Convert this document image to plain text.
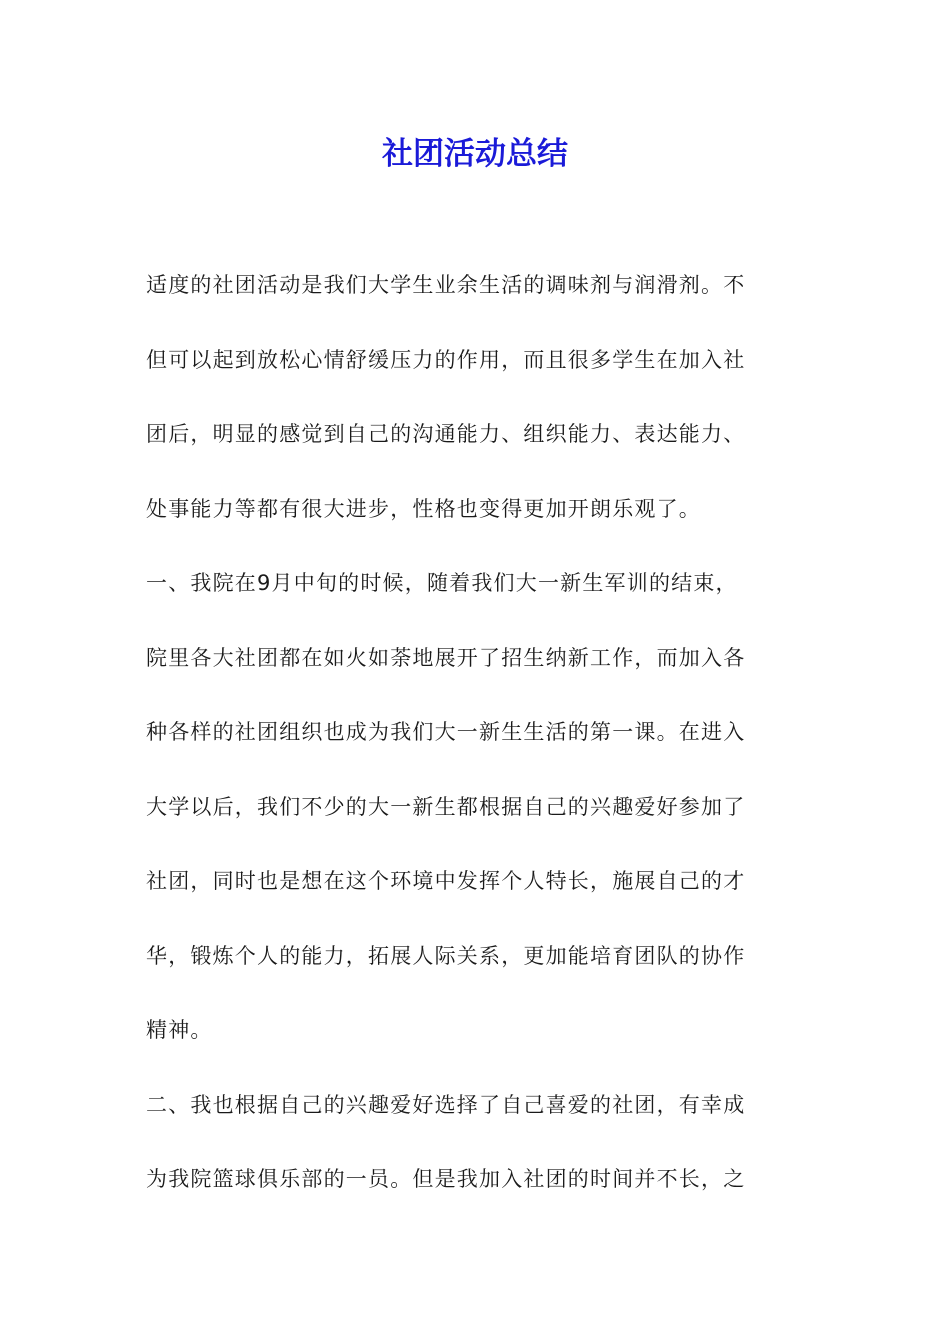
社团活动总结
适度的社团活动是我们大学生业余生活的调味剂与润滑剂。不
但可以起到放松心情舒缓压力的作用，而且很多学生在加入社
团后，明显的感觉到自己的沟通能力、组织能力、表达能力、
处事能力等都有很大进步，性格也变得更加开朗乐观了。
一、我院在9月中旬的时候，随着我们大一新生军训的结束，
院里各大社团都在如火如荼地展开了招生纳新工作，而加入各
种各样的社团组织也成为我们大一新生生活的第一课。在进入
大学以后，我们不少的大一新生都根据自己的兴趣爱好参加了
社团，同时也是想在这个环境中发挥个人特长，施展自己的才
华，锻炼个人的能力，拓展人际关系，更加能培育团队的协作
精神。
二、我也根据自己的兴趣爱好选择了自己喜爱的社团，有幸成
为我院篮球俱乐部的一员。但是我加入社团的时间并不长，之
